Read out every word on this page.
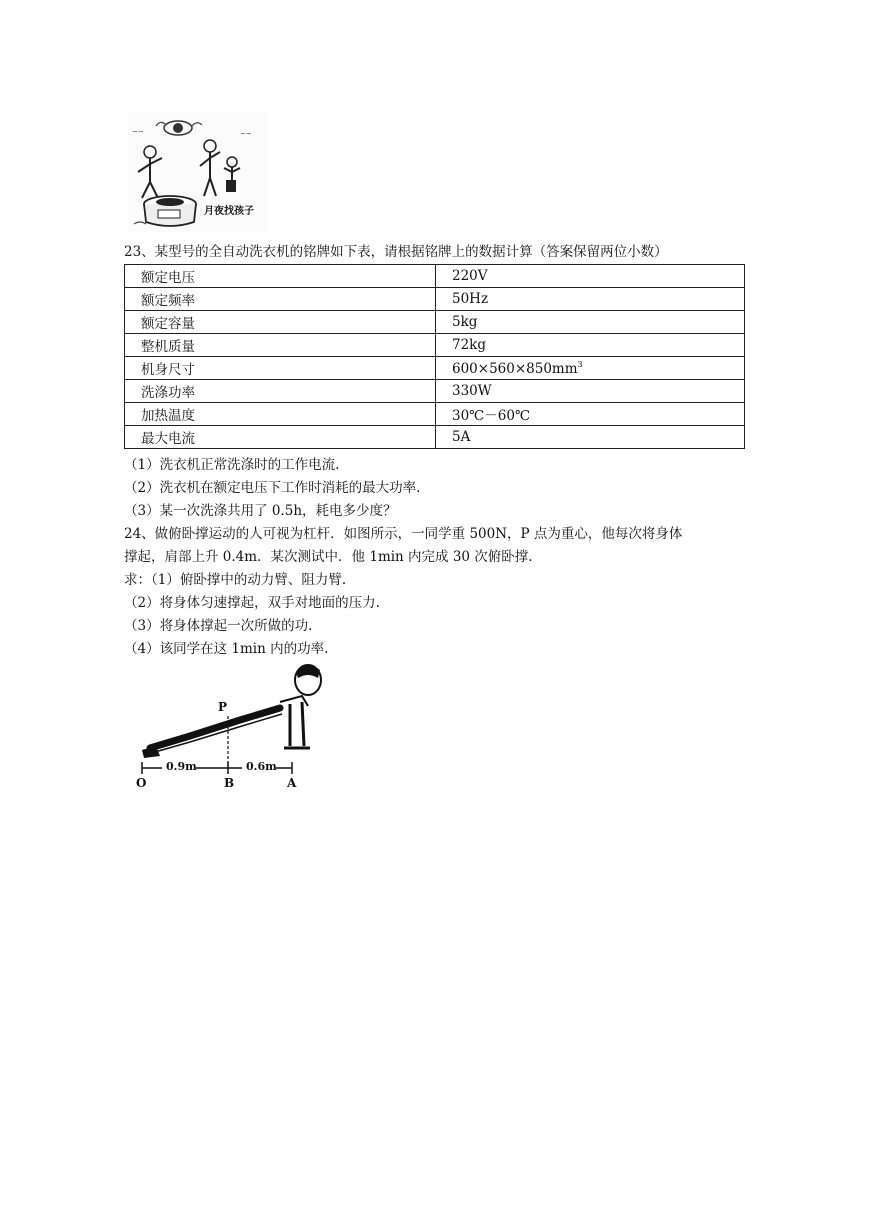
~~	~~
月夜找孩子
23、某型号的全自动洗衣机的铭牌如下表，请根据铭牌上的数据计算（答案保留两位小数）
额定电压	220V
额定频率	50Hz
额定容量	5kg
整机质量	72kg
机身尺寸	$600\times 560\times 850mm^3$
洗涤功率	330W
加热温度	30℃－60℃
最大电流	5A
（1）洗衣机正常洗涤时的工作电流.
（2）洗衣机在额定电压下工作时消耗的最大功率.
（3）某一次洗涤共用了 0.5h，耗电多少度？
24、做俯卧撑运动的人可视为杠杆．如图所示，一同学重 500N，P 点为重心，他每次将身体
撑起，肩部上升 0.4m．某次测试中．他 1min 内完成 30 次俯卧撑.
求：（1）俯卧撑中的动力臂、阻力臂.
（2）将身体匀速撑起，双手对地面的压力.
（3）将身体撑起一次所做的功.
（4）该同学在这 1min 内的功率.
P
0.9m	0.6m
O	B	A
